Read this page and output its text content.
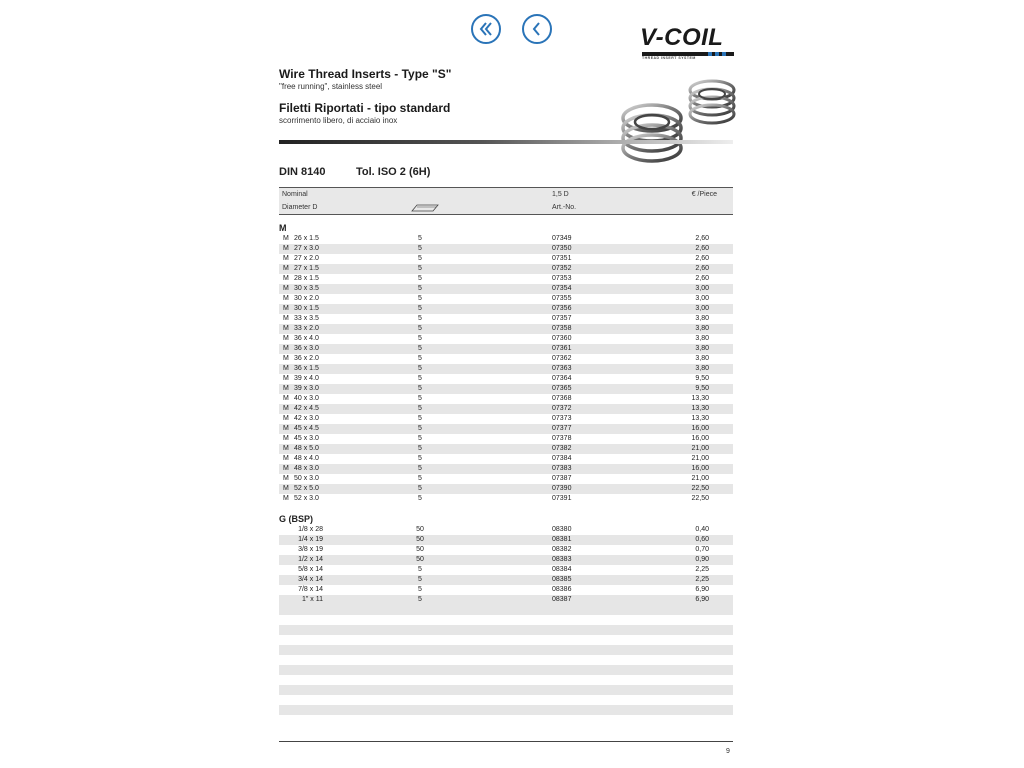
V-COIL
THREAD INSERT SYSTEM
Wire Thread Inserts - Type "S"
"free running", stainless steel
Filetti Riportati - tipo standard
scorrimento libero, di acciaio inox
DIN 8140	Tol. ISO 2 (6H)
Nominal
Diameter D
1,5 D
Art.-No.
€ /Piece
M
M 26 x 1.5	5	07349	2,60
M 27 x 3.0	5	07350	2,60
M 27 x 2.0	5	07351	2,60
M 27 x 1.5	5	07352	2,60
M 28 x 1.5	5	07353	2,60
M 30 x 3.5	5	07354	3,00
M 30 x 2.0	5	07355	3,00
M 30 x 1.5	5	07356	3,00
M 33 x 3.5	5	07357	3,80
M 33 x 2.0	5	07358	3,80
M 36 x 4.0	5	07360	3,80
M 36 x 3.0	5	07361	3,80
M 36 x 2.0	5	07362	3,80
M 36 x 1.5	5	07363	3,80
M 39 x 4.0	5	07364	9,50
M 39 x 3.0	5	07365	9,50
M 40 x 3.0	5	07368	13,30
M 42 x 4.5	5	07372	13,30
M 42 x 3.0	5	07373	13,30
M 45 x 4.5	5	07377	16,00
M 45 x 3.0	5	07378	16,00
M 48 x 5.0	5	07382	21,00
M 48 x 4.0	5	07384	21,00
M 48 x 3.0	5	07383	16,00
M 50 x 3.0	5	07387	21,00
M 52 x 5.0	5	07390	22,50
M 52 x 3.0	5	07391	22,50
G (BSP)
1/8 x 28	50	08380	0,40
1/4 x 19	50	08381	0,60
3/8 x 19	50	08382	0,70
1/2 x 14	50	08383	0,90
5/8 x 14	5	08384	2,25
3/4 x 14	5	08385	2,25
7/8 x 14	5	08386	6,90
1" x 11	5	08387	6,90
9
